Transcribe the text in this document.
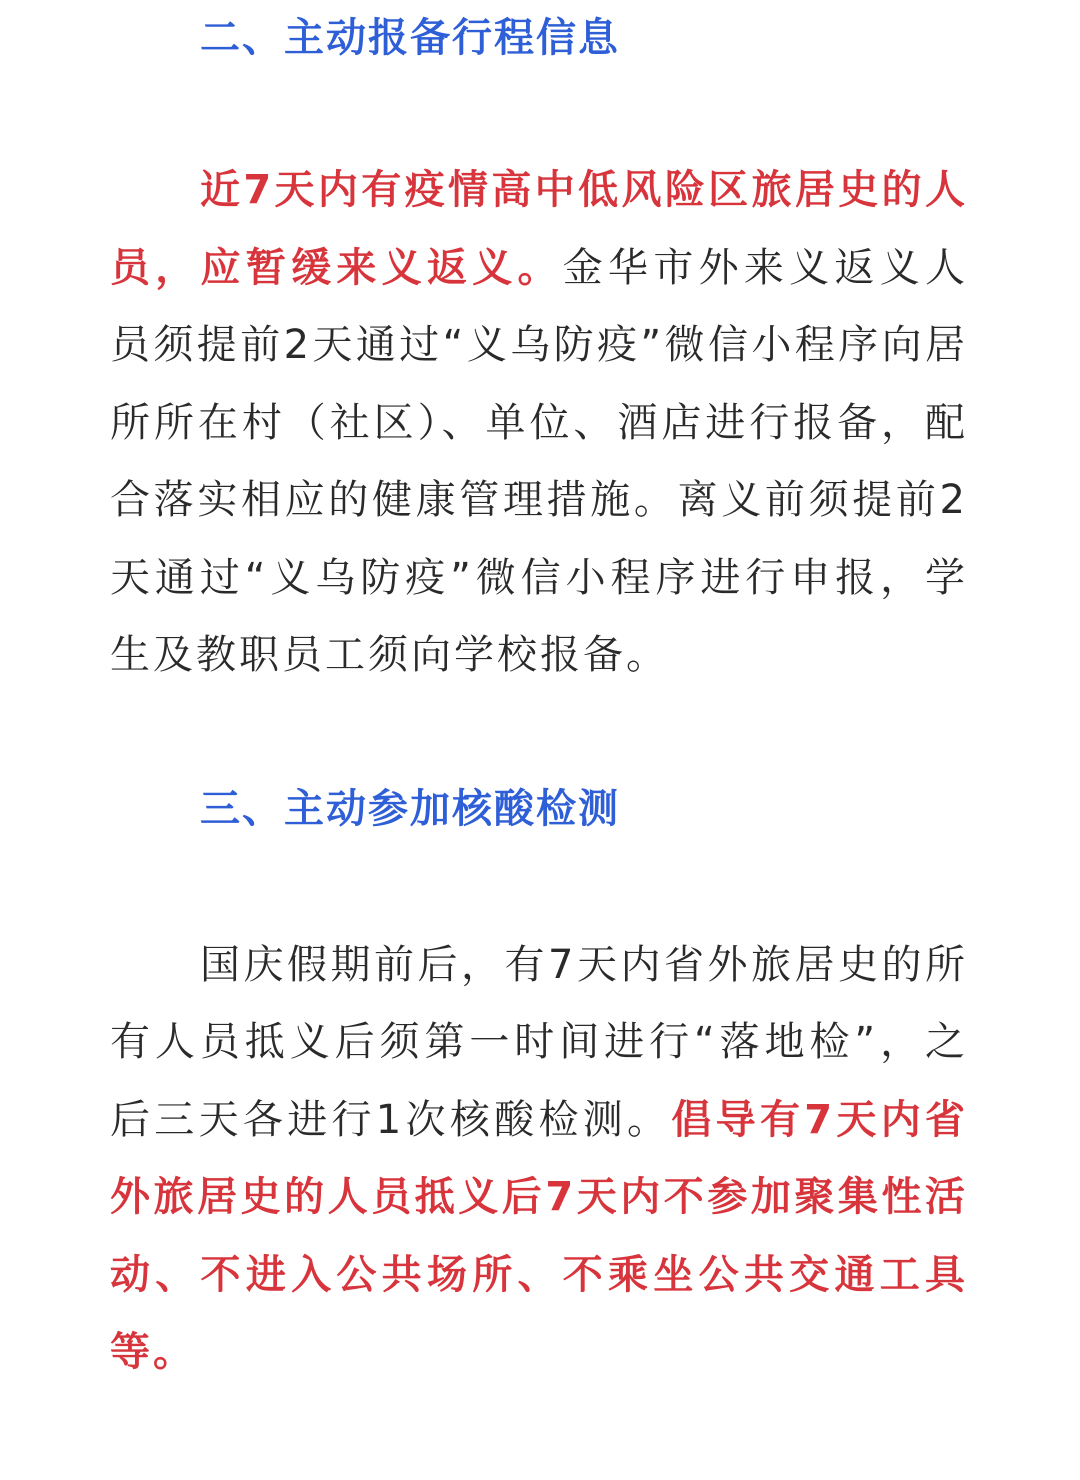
二、主动报备行程信息

近7天内有疫情高中低风险区旅居史的人员，应暂缓来义返义。金华市外来义返义人员须提前2天通过“义乌防疫”微信小程序向居所所在村（社区）、单位、酒店进行报备，配合落实相应的健康管理措施。离义前须提前2天通过“义乌防疫”微信小程序进行申报，学生及教职员工须向学校报备。

三、主动参加核酸检测

国庆假期前后，有7天内省外旅居史的所有人员抵义后须第一时间进行“落地检”，之后三天各进行1次核酸检测。倡导有7天内省外旅居史的人员抵义后7天内不参加聚集性活动、不进入公共场所、不乘坐公共交通工具等。
